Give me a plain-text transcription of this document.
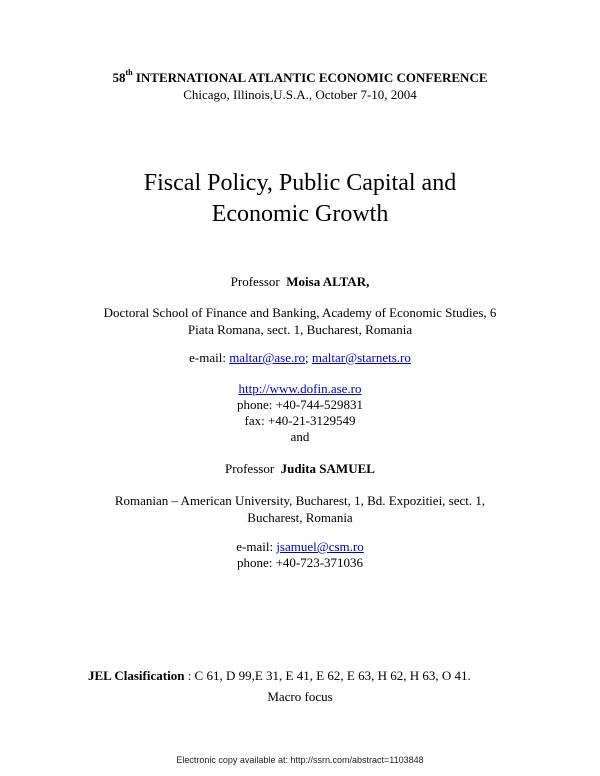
58th INTERNATIONAL ATLANTIC ECONOMIC CONFERENCE
Chicago, Illinois,U.S.A., October 7-10, 2004
Fiscal Policy, Public Capital and
Economic Growth
Professor Moisa ALTAR,
Doctoral School of Finance and Banking, Academy of Economic Studies, 6
Piata Romana, sect. 1, Bucharest, Romania
e-mail: maltar@ase.ro; maltar@starnets.ro
http://www.dofin.ase.ro
phone: +40-744-529831
fax: +40-21-3129549
and
Professor Judita SAMUEL
Romanian – American University, Bucharest, 1, Bd. Expozitiei, sect. 1,
Bucharest, Romania
e-mail: jsamuel@csm.ro
phone: +40-723-371036
JEL Clasification : C 61, D 99,E 31, E 41, E 62, E 63, H 62, H 63, O 41.
Macro focus
Electronic copy available at: http://ssrn.com/abstract=1103848
